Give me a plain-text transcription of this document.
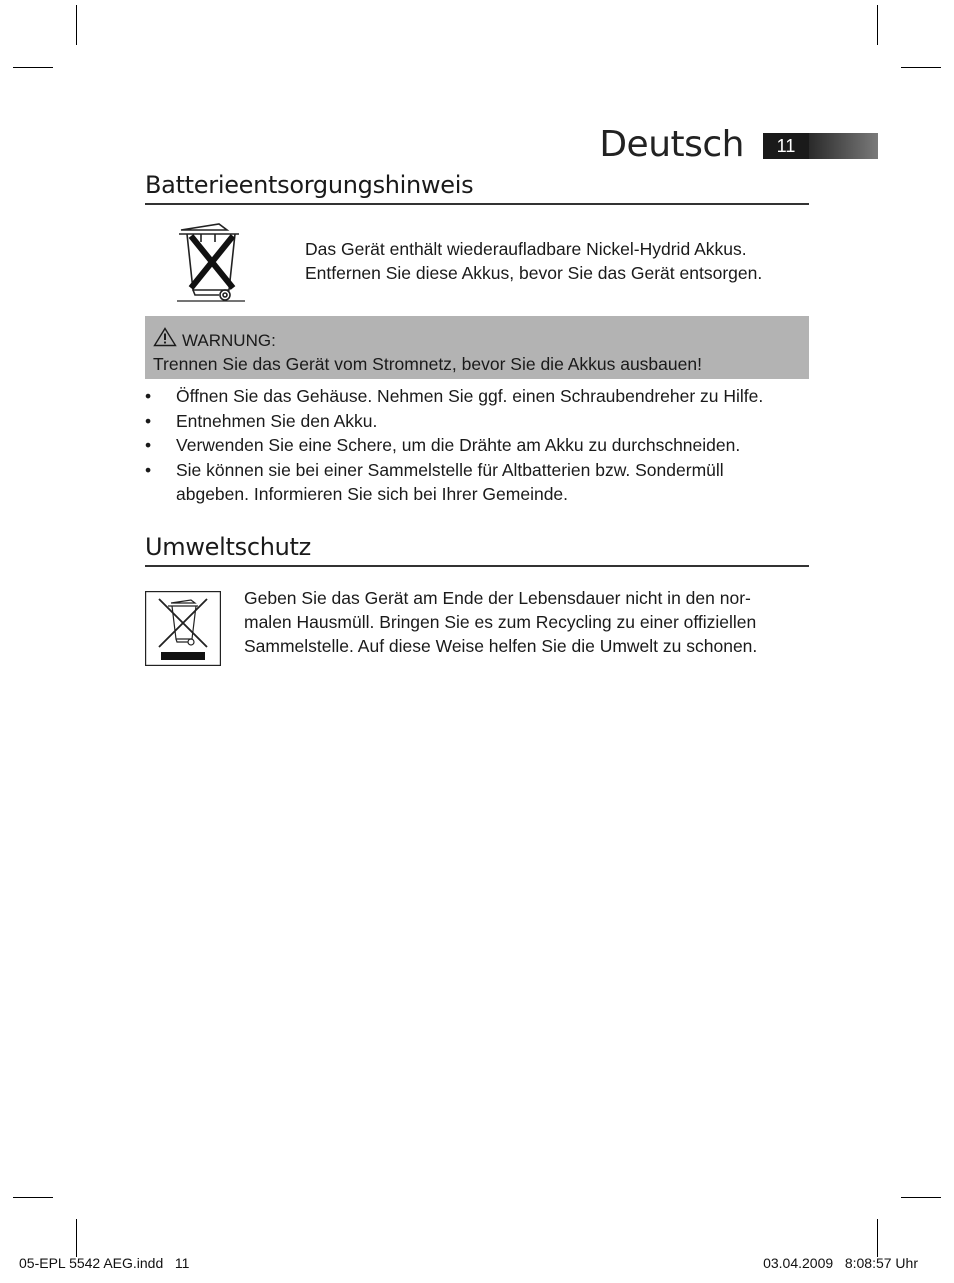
Deutsch	11
Batterieentsorgungshinweis
Das Gerät enthält wiederaufladbare Nickel-Hydrid Akkus.
Entfernen Sie diese Akkus, bevor Sie das Gerät entsorgen.
WARNUNG:
Trennen Sie das Gerät vom Stromnetz, bevor Sie die Akkus ausbauen!
• Öffnen Sie das Gehäuse. Nehmen Sie ggf. einen Schraubendreher zu Hilfe.
• Entnehmen Sie den Akku.
• Verwenden Sie eine Schere, um die Drähte am Akku zu durchschneiden.
• Sie können sie bei einer Sammelstelle für Altbatterien bzw. Sondermüll abgeben. Informieren Sie sich bei Ihrer Gemeinde.
Umweltschutz
Geben Sie das Gerät am Ende der Lebensdauer nicht in den nor-
malen Hausmüll. Bringen Sie es zum Recycling zu einer offiziellen
Sammelstelle. Auf diese Weise helfen Sie die Umwelt zu schonen.
05-EPL 5542 AEG.indd   11	03.04.2009   8:08:57 Uhr
